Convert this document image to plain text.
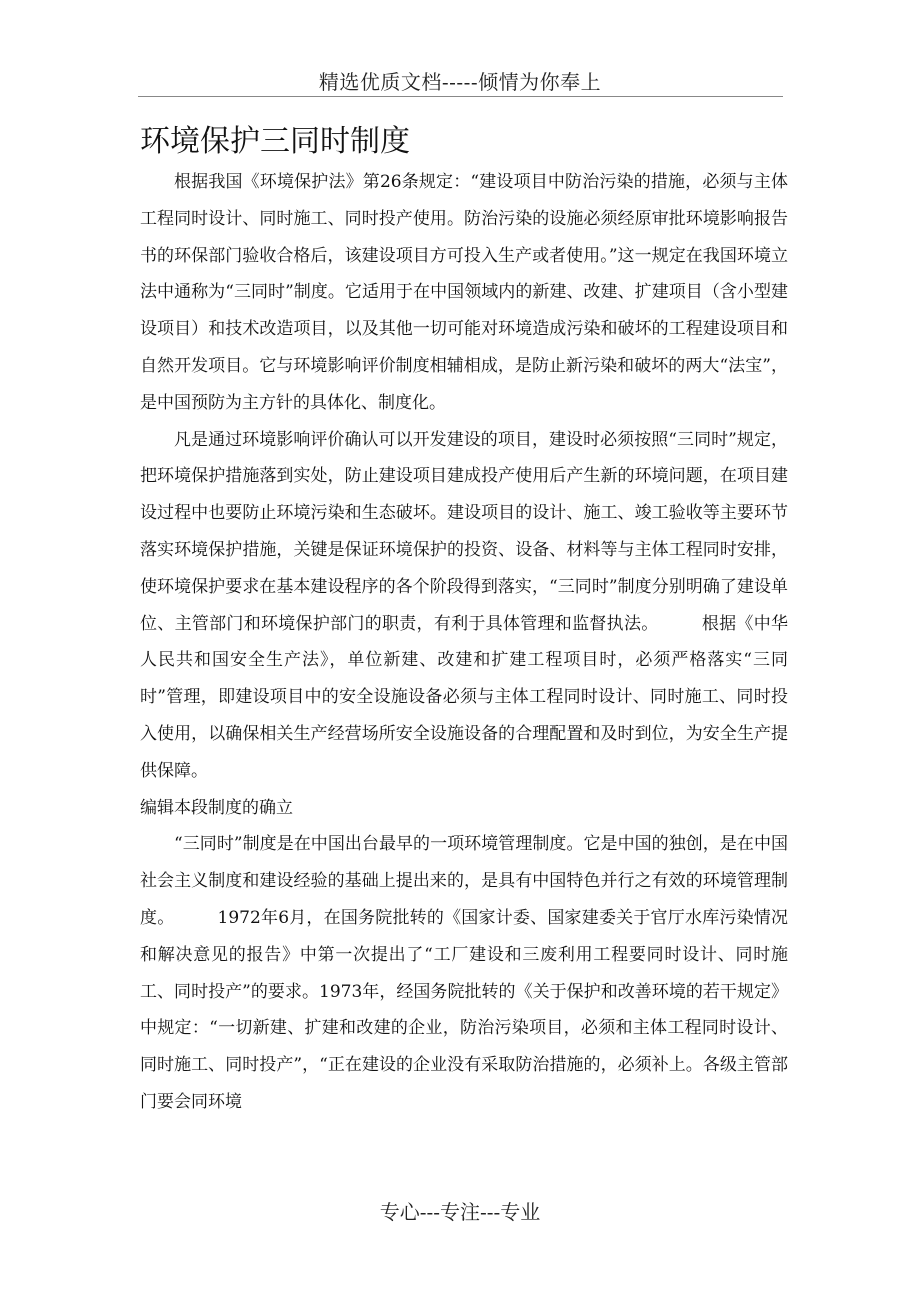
精选优质文档-----倾情为你奉上
环境保护三同时制度

根据我国《环境保护法》第26条规定：“建设项目中防治污染的措施，必须与主体工程同时设计、同时施工、同时投产使用。防治污染的设施必须经原审批环境影响报告书的环保部门验收合格后，该建设项目方可投入生产或者使用。”这一规定在我国环境立法中通称为“三同时”制度。它适用于在中国领域内的新建、改建、扩建项目（含小型建设项目）和技术改造项目，以及其他一切可能对环境造成污染和破坏的工程建设项目和自然开发项目。它与环境影响评价制度相辅相成，是防止新污染和破坏的两大“法宝”，是中国预防为主方针的具体化、制度化。

凡是通过环境影响评价确认可以开发建设的项目，建设时必须按照“三同时”规定，把环境保护措施落到实处，防止建设项目建成投产使用后产生新的环境问题，在项目建设过程中也要防止环境污染和生态破坏。建设项目的设计、施工、竣工验收等主要环节落实环境保护措施，关键是保证环境保护的投资、设备、材料等与主体工程同时安排，使环境保护要求在基本建设程序的各个阶段得到落实，“三同时”制度分别明确了建设单位、主管部门和环境保护部门的职责，有利于具体管理和监督执法。　　　根据《中华人民共和国安全生产法》，单位新建、改建和扩建工程项目时，必须严格落实“三同时”管理，即建设项目中的安全设施设备必须与主体工程同时设计、同时施工、同时投入使用，以确保相关生产经营场所安全设施设备的合理配置和及时到位，为安全生产提供保障。

编辑本段制度的确立

“三同时”制度是在中国出台最早的一项环境管理制度。它是中国的独创，是在中国社会主义制度和建设经验的基础上提出来的，是具有中国特色并行之有效的环境管理制度。　　　1972年6月，在国务院批转的《国家计委、国家建委关于官厅水库污染情况和解决意见的报告》中第一次提出了“工厂建设和三废利用工程要同时设计、同时施工、同时投产”的要求。1973年，经国务院批转的《关于保护和改善环境的若干规定》中规定：“一切新建、扩建和改建的企业，防治污染项目，必须和主体工程同时设计、同时施工、同时投产”，“正在建设的企业没有采取防治措施的，必须补上。各级主管部门要会同环境

专心---专注---专业
